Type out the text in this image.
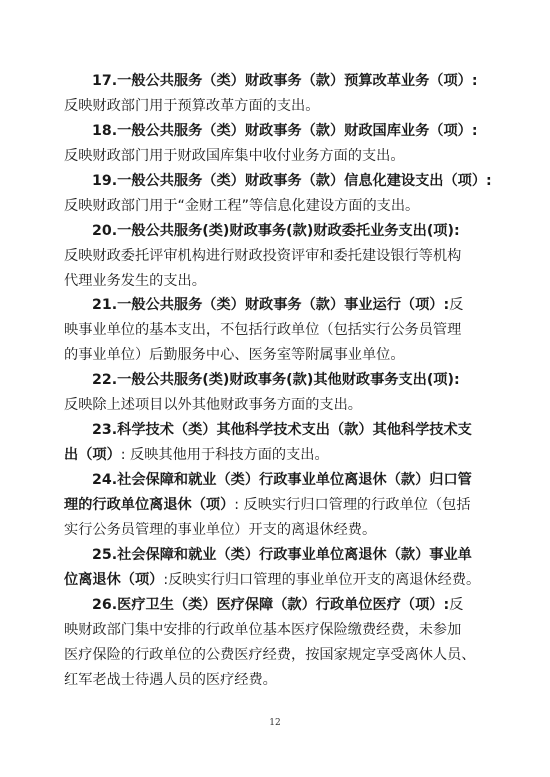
17.一般公共服务（类）财政事务（款）预算改革业务（项）:

反映财政部门用于预算改革方面的支出。

18.一般公共服务（类）财政事务（款）财政国库业务（项）:

反映财政部门用于财政国库集中收付业务方面的支出。

19.一般公共服务（类）财政事务（款）信息化建设支出（项）:

反映财政部门用于“金财工程”等信息化建设方面的支出。

20.一般公共服务(类)财政事务(款)财政委托业务支出(项):

反映财政委托评审机构进行财政投资评审和委托建设银行等机构

代理业务发生的支出。

21.一般公共服务（类）财政事务（款）事业运行（项）:反

映事业单位的基本支出，不包括行政单位（包括实行公务员管理

的事业单位）后勤服务中心、医务室等附属事业单位。

22.一般公共服务(类)财政事务(款)其他财政事务支出(项):

反映除上述项目以外其他财政事务方面的支出。

23.科学技术（类）其他科学技术支出（款）其他科学技术支

出（项）: 反映其他用于科技方面的支出。

24.社会保障和就业（类）行政事业单位离退休（款）归口管

理的行政单位离退休（项）: 反映实行归口管理的行政单位（包括

实行公务员管理的事业单位）开支的离退休经费。

25.社会保障和就业（类）行政事业单位离退休（款）事业单

位离退休（项）:反映实行归口管理的事业单位开支的离退休经费。

26.医疗卫生（类）医疗保障（款）行政单位医疗（项）:反

映财政部门集中安排的行政单位基本医疗保险缴费经费，未参加

医疗保险的行政单位的公费医疗经费，按国家规定享受离休人员、

红军老战士待遇人员的医疗经费。

12
